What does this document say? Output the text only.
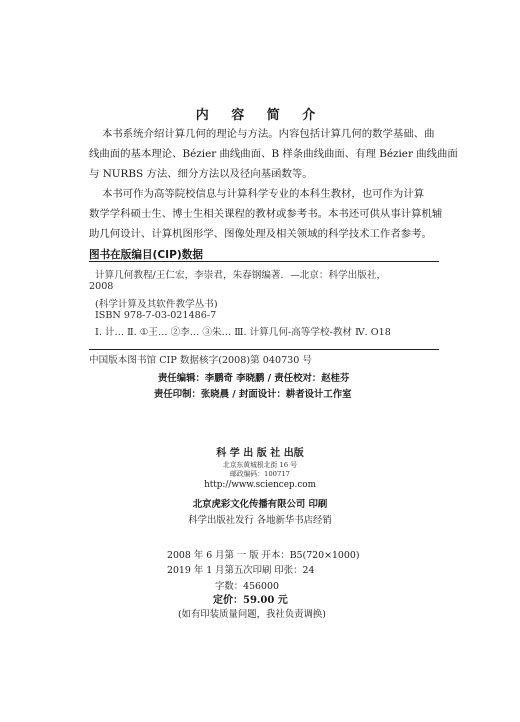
内 容 简 介
本书系统介绍计算几何的理论与方法。内容包括计算几何的数学基础、曲
线曲面的基本理论、Bézier 曲线曲面、B 样条曲线曲面、有理 Bézier 曲线曲面
与 NURBS 方法、细分方法以及径向基函数等。
本书可作为高等院校信息与计算科学专业的本科生教材，也可作为计算
数学学科硕士生、博士生相关课程的教材或参考书。本书还可供从事计算机辅
助几何设计、计算机图形学、图像处理及相关领域的科学技术工作者参考。
图书在版编目(CIP)数据
计算几何教程/王仁宏，李崇君，朱春钢编著．—北京：科学出版社，
2008
(科学计算及其软件教学丛书)
ISBN 978-7-03-021486-7
Ⅰ. 计… Ⅱ. ①王… ②李… ③朱… Ⅲ. 计算几何-高等学校-教材 Ⅳ. O18
中国版本图书馆 CIP 数据核字(2008)第 040730 号
责任编辑：李鹏奇 李晓鹏 / 责任校对：赵桂芬
责任印制：张晓晨 / 封面设计：耕者设计工作室
科 学 出 版 社 出版
北京东黄城根北街 16 号
邮政编码：100717
http://www.sciencep.com
北京虎彩文化传播有限公司 印刷
科学出版社发行 各地新华书店经销
2008 年 6 月第 一 版 开本：B5(720×1000)
2019 年 1 月第五次印刷 印张：24
字数：456000
定价：59.00 元
(如有印装质量问题，我社负责调换)
